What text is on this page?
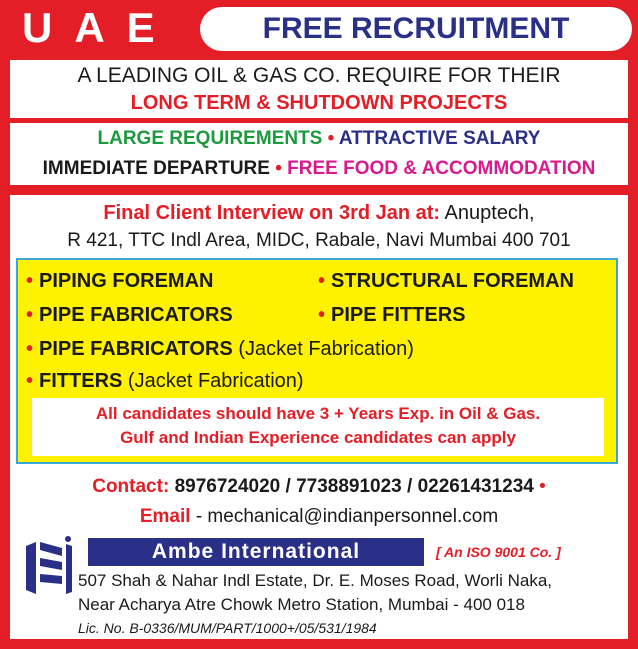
UAE	FREE RECRUITMENT
A LEADING OIL & GAS CO. REQUIRE FOR THEIR
LONG TERM & SHUTDOWN PROJECTS
LARGE REQUIREMENTS • ATTRACTIVE SALARY
IMMEDIATE DEPARTURE • FREE FOOD & ACCOMMODATION
Final Client Interview on 3rd Jan at: Anuptech,
R 421, TTC Indl Area, MIDC, Rabale, Navi Mumbai 400 701
• PIPING FOREMAN	• STRUCTURAL FOREMAN
• PIPE FABRICATORS	• PIPE FITTERS
• PIPE FABRICATORS (Jacket Fabrication)
• FITTERS (Jacket Fabrication)
All candidates should have 3 + Years Exp. in Oil & Gas.
Gulf and Indian Experience candidates can apply
Contact: 8976724020 / 7738891023 / 02261431234 •
Email - mechanical@indianpersonnel.com
Ambe International	[ An ISO 9001 Co. ]
507 Shah & Nahar Indl Estate, Dr. E. Moses Road, Worli Naka,
Near Acharya Atre Chowk Metro Station, Mumbai - 400 018
Lic. No. B-0336/MUM/PART/1000+/05/531/1984
